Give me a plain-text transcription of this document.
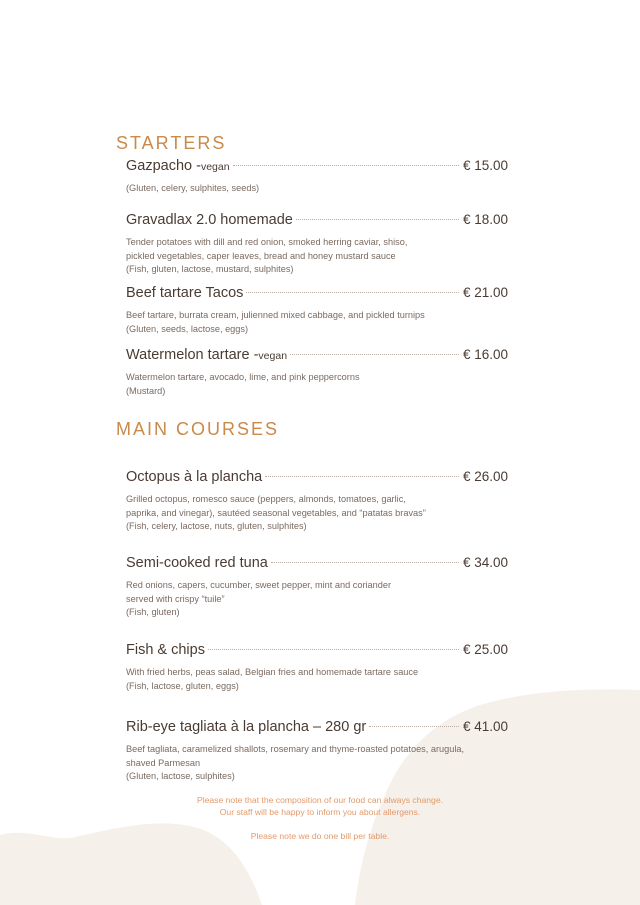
STARTERS
Gazpacho - vegan	€ 15.00
(Gluten, celery, sulphites, seeds)
Gravadlax 2.0 homemade	€ 18.00
Tender potatoes with dill and red onion, smoked herring caviar, shiso,
pickled vegetables, caper leaves, bread and honey mustard sauce
(Fish, gluten, lactose, mustard, sulphites)
Beef tartare Tacos	€ 21.00
Beef tartare, burrata cream, julienned mixed cabbage, and pickled turnips
(Gluten, seeds, lactose, eggs)
Watermelon tartare - vegan	€ 16.00
Watermelon tartare, avocado, lime, and pink peppercorns
(Mustard)
MAIN COURSES
Octopus à la plancha	€ 26.00
Grilled octopus, romesco sauce (peppers, almonds, tomatoes, garlic,
paprika, and vinegar), sautéed seasonal vegetables, and “patatas bravas”
(Fish, celery, lactose, nuts, gluten, sulphites)
Semi-cooked red tuna	€ 34.00
Red onions, capers, cucumber, sweet pepper, mint and coriander
served with crispy “tuile”
(Fish, gluten)
Fish & chips	€ 25.00
With fried herbs, peas salad, Belgian fries and homemade tartare sauce
(Fish, lactose, gluten, eggs)
Rib-eye tagliata à la plancha – 280 gr	€ 41.00
Beef tagliata, caramelized shallots, rosemary and thyme-roasted potatoes, arugula,
shaved Parmesan
(Gluten, lactose, sulphites)
Please note that the composition of our food can always change.
Our staff will be happy to inform you about allergens.
Please note we do one bill per table.
